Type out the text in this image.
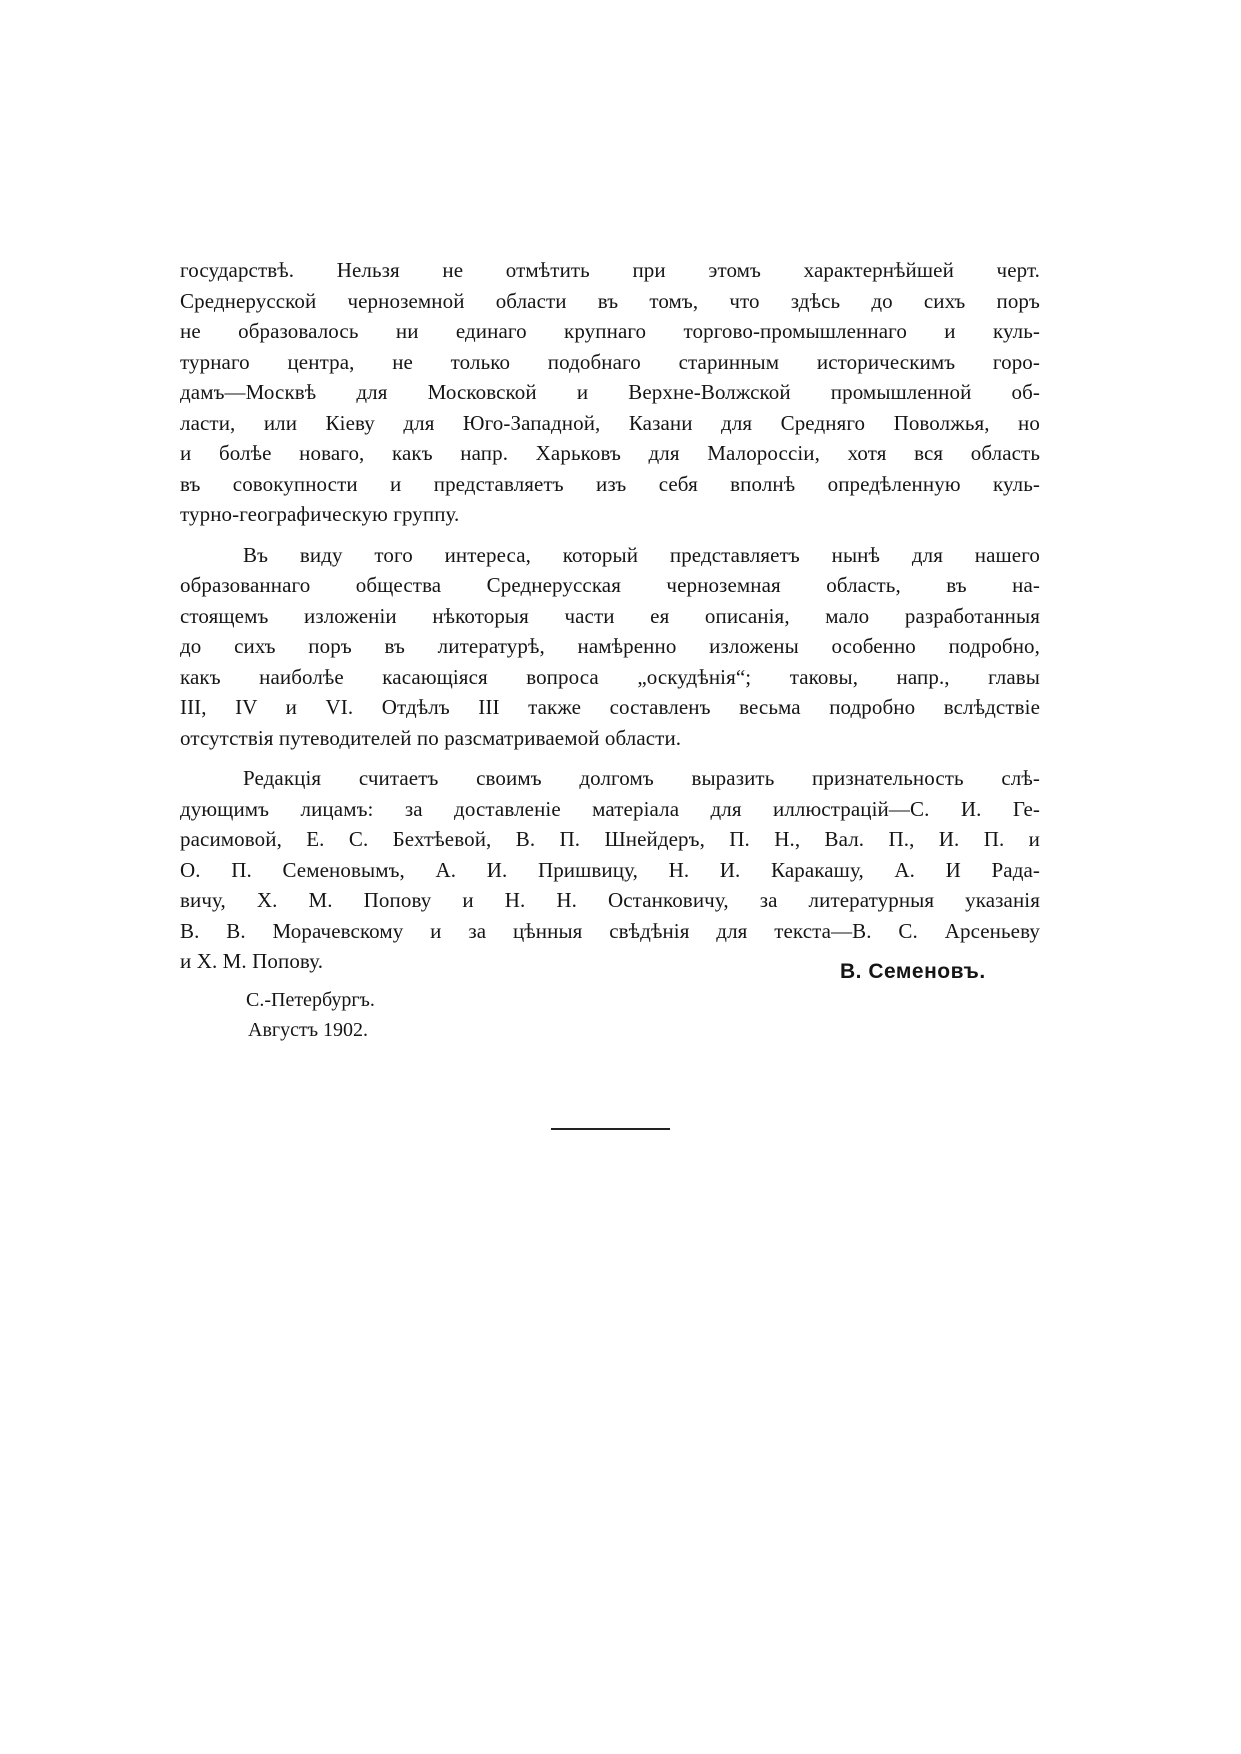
государствѣ. Нельзя не отмѣтить при этомъ характернѣйшей черт.
Среднерусской черноземной области въ томъ, что здѣсь до сихъ поръ
не образовалось ни единаго крупнаго торгово-промышленнаго и куль-
турнаго центра, не только подобнаго старинным историческимъ горо-
дамъ—Москвѣ для Московской и Верхне-Волжской промышленной об-
ласти, или Кіеву для Юго-Западной, Казани для Средняго Поволжья, но
и болѣе новаго, какъ напр. Харьковъ для Малороссіи, хотя вся область
въ совокупности и представляетъ изъ себя вполнѣ опредѣленную куль-
турно-географическую группу.
Въ виду того интереса, который представляетъ нынѣ для нашего
образованнаго общества Среднерусская черноземная область, въ на-
стоящемъ изложеніи нѣкоторыя части ея описанія, мало разработанныя
до сихъ поръ въ литературѣ, намѣренно изложены особенно подробно,
какъ наиболѣе касающіяся вопроса „оскудѣнія“; таковы, напр., главы
III, IV и VI. Отдѣлъ III также составленъ весьма подробно вслѣдствіе
отсутствія путеводителей по разсматриваемой области.
Редакція считаетъ своимъ долгомъ выразить признательность слѣ-
дующимъ лицамъ: за доставленіе матеріала для иллюстрацій—С. И. Ге-
расимовой, Е. С. Бехтѣевой, В. П. Шнейдеръ, П. Н., Вал. П., И. П. и
О. П. Семеновымъ, А. И. Пришвицу, Н. И. Каракашу, А. И Рада-
вичу, Х. М. Попову и Н. Н. Останковичу, за литературныя указанія
В. В. Морачевскому и за цѣнныя свѣдѣнія для текста—В. С. Арсеньеву
и Х. М. Попову.	В. Семеновъ.
С.-Петербургъ.
Августъ 1902.
